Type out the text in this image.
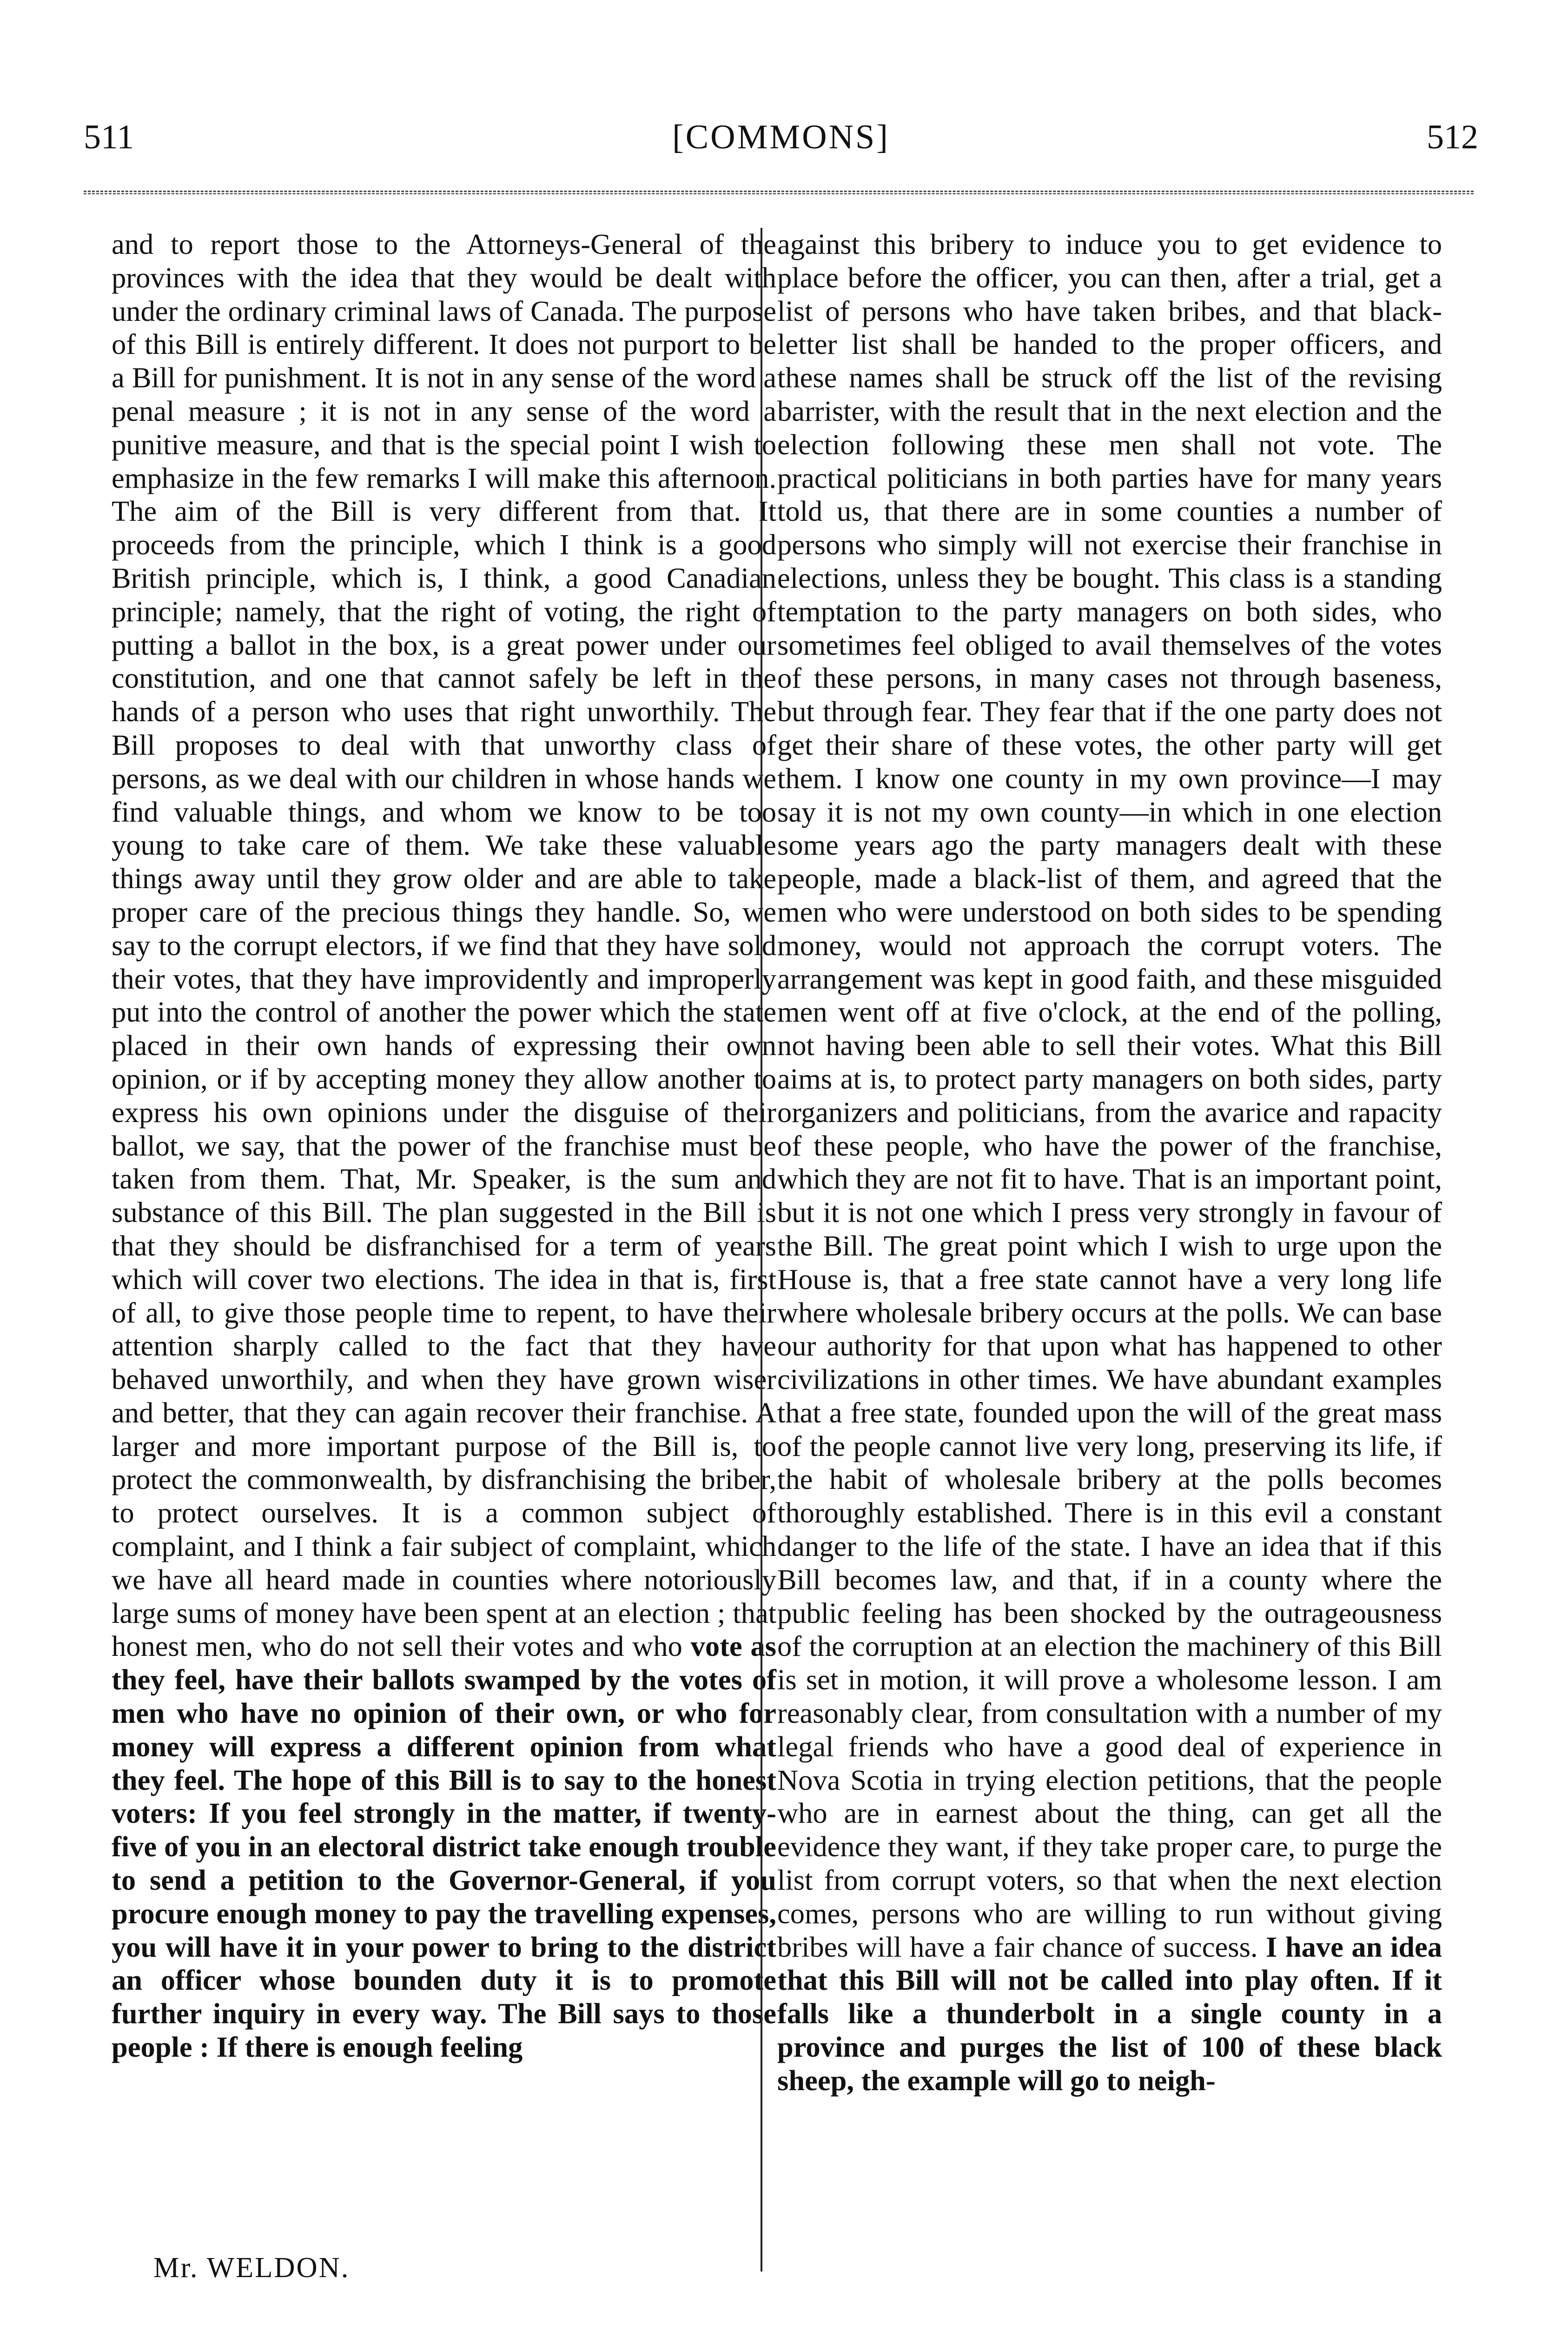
511	[COMMONS]	512

and to report those to the Attorneys-General of the provinces with the idea that they would be dealt with under the ordinary criminal laws of Canada. The purpose of this Bill is entirely different. It does not purport to be a Bill for punishment. It is not in any sense of the word a penal measure ; it is not in any sense of the word a punitive measure, and that is the special point I wish to emphasize in the few remarks I will make this afternoon. The aim of the Bill is very different from that. It proceeds from the principle, which I think is a good British principle, which is, I think, a good Canadian principle; namely, that the right of voting, the right of putting a ballot in the box, is a great power under our constitution, and one that cannot safely be left in the hands of a person who uses that right unworthily. The Bill proposes to deal with that unworthy class of persons, as we deal with our children in whose hands we find valuable things, and whom we know to be too young to take care of them. We take these valuable things away until they grow older and are able to take proper care of the precious things they handle. So, we say to the corrupt electors, if we find that they have sold their votes, that they have improvidently and improperly put into the control of another the power which the state placed in their own hands of expressing their own opinion, or if by accepting money they allow another to express his own opinions under the disguise of their ballot, we say, that the power of the franchise must be taken from them. That, Mr. Speaker, is the sum and substance of this Bill. The plan suggested in the Bill is that they should be disfranchised for a term of years which will cover two elections. The idea in that is, first of all, to give those people time to repent, to have their attention sharply called to the fact that they have behaved unworthily, and when they have grown wiser and better, that they can again recover their franchise. A larger and more important purpose of the Bill is, to protect the commonwealth, by disfranchising the briber, to protect ourselves. It is a common subject of complaint, and I think a fair subject of complaint, which we have all heard made in counties where notoriously large sums of money have been spent at an election ; that honest men, who do not sell their votes and who vote as they feel, have their ballots swamped by the votes of men who have no opinion of their own, or who for money will express a different opinion from what they feel. The hope of this Bill is to say to the honest voters: If you feel strongly in the matter, if twenty-five of you in an electoral district take enough trouble to send a petition to the Governor-General, if you procure enough money to pay the travelling expenses, you will have it in your power to bring to the district an officer whose bounden duty it is to promote further inquiry in every way. The Bill says to those people : If there is enough feeling

against this bribery to induce you to get evidence to place before the officer, you can then, after a trial, get a list of persons who have taken bribes, and that black-letter list shall be handed to the proper officers, and these names shall be struck off the list of the revising barrister, with the result that in the next election and the election following these men shall not vote. The practical politicians in both parties have for many years told us, that there are in some counties a number of persons who simply will not exercise their franchise in elections, unless they be bought. This class is a standing temptation to the party managers on both sides, who sometimes feel obliged to avail themselves of the votes of these persons, in many cases not through baseness, but through fear. They fear that if the one party does not get their share of these votes, the other party will get them. I know one county in my own province—I may say it is not my own county—in which in one election some years ago the party managers dealt with these people, made a black-list of them, and agreed that the men who were understood on both sides to be spending money, would not approach the corrupt voters. The arrangement was kept in good faith, and these misguided men went off at five o'clock, at the end of the polling, not having been able to sell their votes. What this Bill aims at is, to protect party managers on both sides, party organizers and politicians, from the avarice and rapacity of these people, who have the power of the franchise, which they are not fit to have. That is an important point, but it is not one which I press very strongly in favour of the Bill. The great point which I wish to urge upon the House is, that a free state cannot have a very long life where wholesale bribery occurs at the polls. We can base our authority for that upon what has happened to other civilizations in other times. We have abundant examples that a free state, founded upon the will of the great mass of the people cannot live very long, preserving its life, if the habit of wholesale bribery at the polls becomes thoroughly established. There is in this evil a constant danger to the life of the state. I have an idea that if this Bill becomes law, and that, if in a county where the public feeling has been shocked by the outrageousness of the corruption at an election the machinery of this Bill is set in motion, it will prove a wholesome lesson. I am reasonably clear, from consultation with a number of my legal friends who have a good deal of experience in Nova Scotia in trying election petitions, that the people who are in earnest about the thing, can get all the evidence they want, if they take proper care, to purge the list from corrupt voters, so that when the next election comes, persons who are willing to run without giving bribes will have a fair chance of success. I have an idea that this Bill will not be called into play often. If it falls like a thunderbolt in a single county in a province and purges the list of 100 of these black sheep, the example will go to neigh-

Mr. WELDON.
